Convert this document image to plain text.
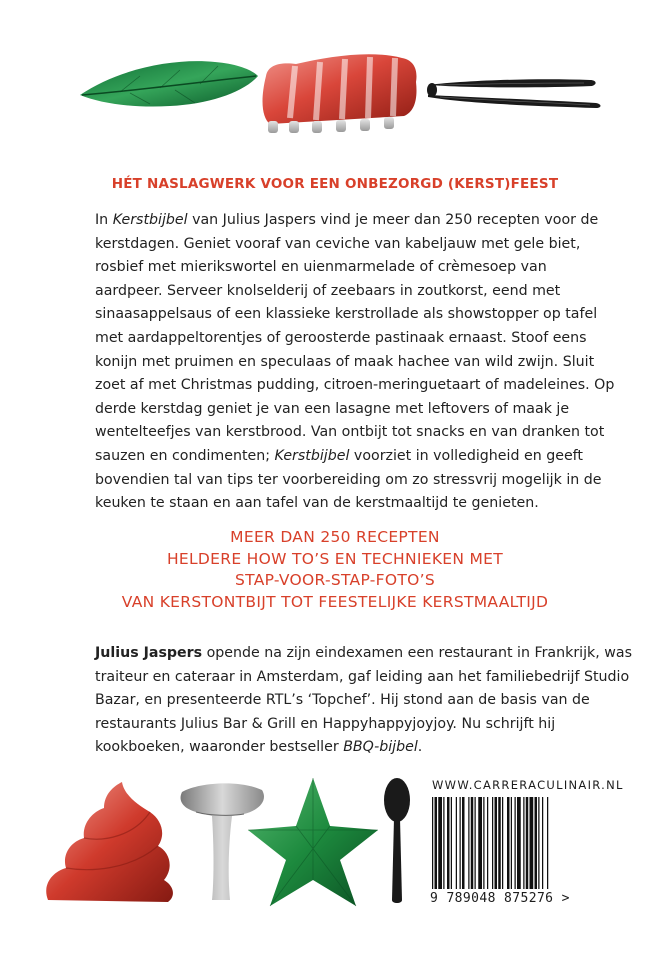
HÉT NASLAGWERK VOOR EEN ONBEZORGD (KERST)FEEST
In Kerstbijbel van Julius Jaspers vind je meer dan 250 recepten voor de kerstdagen. Geniet vooraf van ceviche van kabeljauw met gele biet, rosbief met mierikswortel en uienmarmelade of crèmesoep van aardpeer. Serveer knolselderij of zeebaars in zoutkorst, eend met sinaasappelsaus of een klassieke kerstrollade als showstopper op tafel met aardappeltorentjes of geroosterde pastinaak ernaast. Stoof eens konijn met pruimen en speculaas of maak hachee van wild zwijn. Sluit zoet af met Christmas pudding, citroen-meringuetaart of madeleines. Op derde kerstdag geniet je van een lasagne met leftovers of maak je wentelteefjes van kerstbrood. Van ontbijt tot snacks en van dranken tot sauzen en condimenten; Kerstbijbel voorziet in volledigheid en geeft bovendien tal van tips ter voorbereiding om zo stressvrij mogelijk in de keuken te staan en aan tafel van de kerstmaaltijd te genieten.
MEER DAN 250 RECEPTEN
HELDERE HOW TO’S EN TECHNIEKEN MET
STAP-VOOR-STAP-FOTO’S
VAN KERSTONTBIJT TOT FEESTELIJKE KERSTMAALTIJD
Julius Jaspers opende na zijn eindexamen een restaurant in Frankrijk, was traiteur en cateraar in Amsterdam, gaf leiding aan het familiebedrijf Studio Bazar, en presenteerde RTL’s ‘Topchef’. Hij stond aan de basis van de restaurants Julius Bar & Grill en Happyhappyjoyjoy. Nu schrijft hij kookboeken, waaronder bestseller BBQ-bijbel.
WWW.CARRERACULINAIR.NL
9 789048 875276 >
